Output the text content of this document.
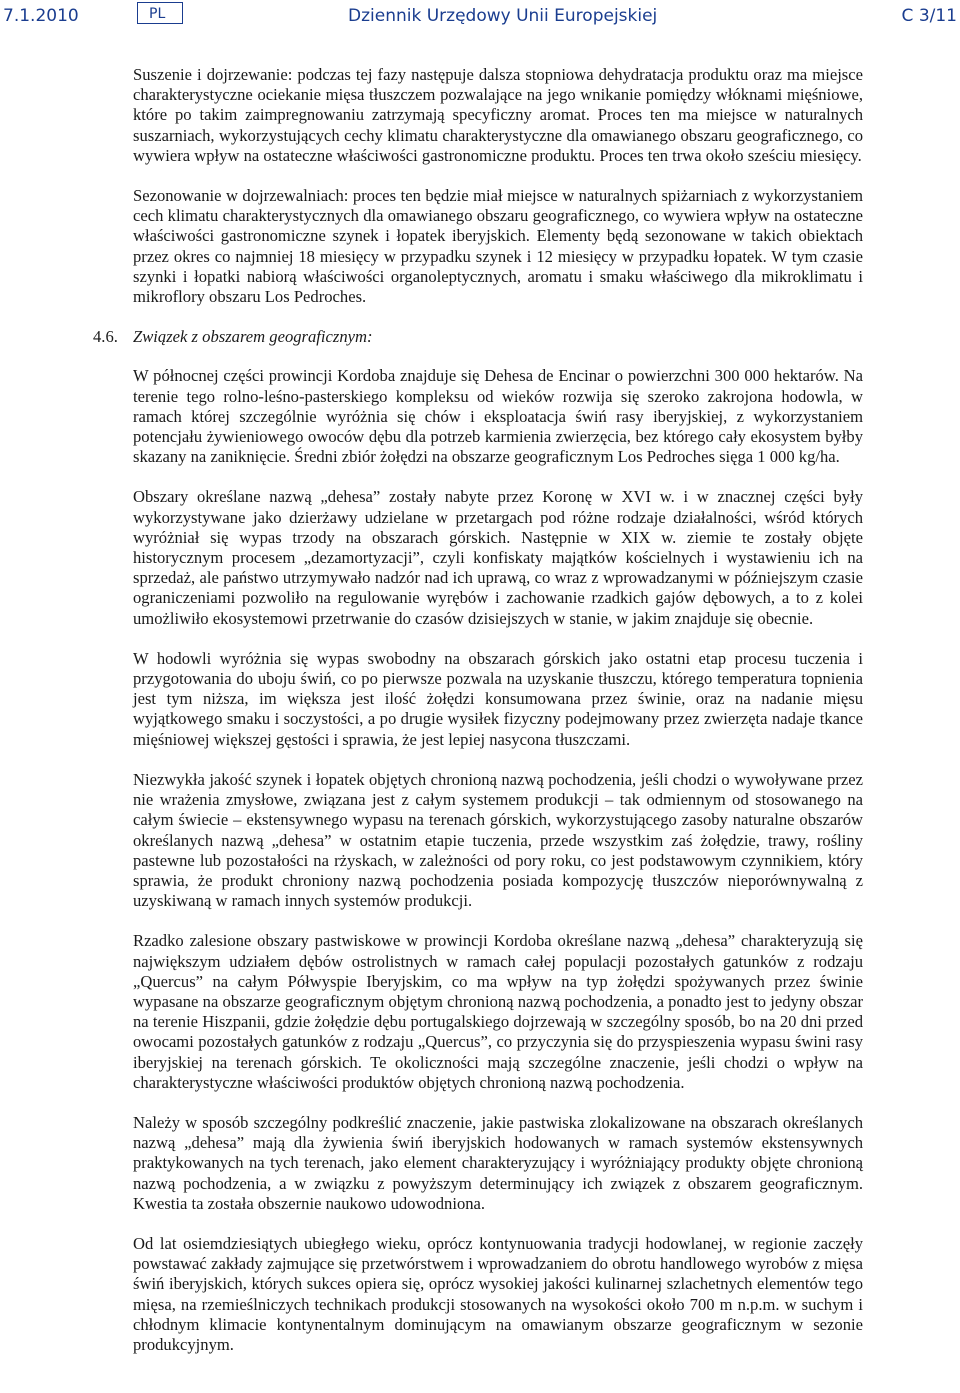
7.1.2010	PL	Dziennik Urzędowy Unii Europejskiej	C 3/11

Suszenie i dojrzewanie: podczas tej fazy następuje dalsza stopniowa dehydratacja produktu oraz ma miejsce charakterystyczne ociekanie mięsa tłuszczem pozwalające na jego wnikanie pomiędzy włóknami mięśniowe, które po takim zaimpregnowaniu zatrzymają specyficzny aromat. Proces ten ma miejsce w naturalnych suszarniach, wykorzystujących cechy klimatu charakterystyczne dla omawianego obszaru geograficznego, co wywiera wpływ na ostateczne właściwości gastronomiczne produktu. Proces ten trwa około sześciu miesięcy.

Sezonowanie w dojrzewalniach: proces ten będzie miał miejsce w naturalnych spiżarniach z wykorzystaniem cech klimatu charakterystycznych dla omawianego obszaru geograficznego, co wywiera wpływ na ostateczne właściwości gastronomiczne szynek i łopatek iberyjskich. Elementy będą sezonowane w takich obiektach przez okres co najmniej 18 miesięcy w przypadku szynek i 12 miesięcy w przypadku łopatek. W tym czasie szynki i łopatki nabiorą właściwości organoleptycznych, aromatu i smaku właściwego dla mikroklimatu i mikroflory obszaru Los Pedroches.

4.6. Związek z obszarem geograficznym:

W północnej części prowincji Kordoba znajduje się Dehesa de Encinar o powierzchni 300 000 hektarów. Na terenie tego rolno-leśno-pasterskiego kompleksu od wieków rozwija się szeroko zakrojona hodowla, w ramach której szczególnie wyróżnia się chów i eksploatacja świń rasy iberyjskiej, z wykorzystaniem potencjału żywieniowego owoców dębu dla potrzeb karmienia zwierzęcia, bez którego cały ekosystem byłby skazany na zaniknięcie. Średni zbiór żołędzi na obszarze geograficznym Los Pedroches sięga 1 000 kg/ha.

Obszary określane nazwą „dehesa” zostały nabyte przez Koronę w XVI w. i w znacznej części były wykorzystywane jako dzierżawy udzielane w przetargach pod różne rodzaje działalności, wśród których wyróżniał się wypas trzody na obszarach górskich. Następnie w XIX w. ziemie te zostały objęte historycznym procesem „dezamortyzacji”, czyli konfiskaty majątków kościelnych i wystawieniu ich na sprzedaż, ale państwo utrzymywało nadzór nad ich uprawą, co wraz z wprowadzanymi w późniejszym czasie ograniczeniami pozwoliło na regulowanie wyrębów i zachowanie rzadkich gajów dębowych, a to z kolei umożliwiło ekosystemowi przetrwanie do czasów dzisiejszych w stanie, w jakim znajduje się obecnie.

W hodowli wyróżnia się wypas swobodny na obszarach górskich jako ostatni etap procesu tuczenia i przygotowania do uboju świń, co po pierwsze pozwala na uzyskanie tłuszczu, którego temperatura topnienia jest tym niższa, im większa jest ilość żołędzi konsumowana przez świnie, oraz na nadanie mięsu wyjątkowego smaku i soczystości, a po drugie wysiłek fizyczny podejmowany przez zwierzęta nadaje tkance mięśniowej większej gęstości i sprawia, że jest lepiej nasycona tłuszczami.

Niezwykła jakość szynek i łopatek objętych chronioną nazwą pochodzenia, jeśli chodzi o wywoływane przez nie wrażenia zmysłowe, związana jest z całym systemem produkcji – tak odmiennym od stosowanego na całym świecie – ekstensywnego wypasu na terenach górskich, wykorzystującego zasoby naturalne obszarów określanych nazwą „dehesa” w ostatnim etapie tuczenia, przede wszystkim zaś żołędzie, trawy, rośliny pastewne lub pozostałości na rżyskach, w zależności od pory roku, co jest podstawowym czynnikiem, który sprawia, że produkt chroniony nazwą pochodzenia posiada kompozycję tłuszczów nieporównywalną z uzyskiwaną w ramach innych systemów produkcji.

Rzadko zalesione obszary pastwiskowe w prowincji Kordoba określane nazwą „dehesa” charakteryzują się największym udziałem dębów ostrolistnych w ramach całej populacji pozostałych gatunków z rodzaju „Quercus” na całym Półwyspie Iberyjskim, co ma wpływ na typ żołędzi spożywanych przez świnie wypasane na obszarze geograficznym objętym chronioną nazwą pochodzenia, a ponadto jest to jedyny obszar na terenie Hiszpanii, gdzie żołędzie dębu portugalskiego dojrzewają w szczególny sposób, bo na 20 dni przed owocami pozostałych gatunków z rodzaju „Quercus”, co przyczynia się do przyspieszenia wypasu świni rasy iberyjskiej na terenach górskich. Te okoliczności mają szczególne znaczenie, jeśli chodzi o wpływ na charakterystyczne właściwości produktów objętych chronioną nazwą pochodzenia.

Należy w sposób szczególny podkreślić znaczenie, jakie pastwiska zlokalizowane na obszarach określanych nazwą „dehesa” mają dla żywienia świń iberyjskich hodowanych w ramach systemów ekstensywnych praktykowanych na tych terenach, jako element charakteryzujący i wyróżniający produkty objęte chronioną nazwą pochodzenia, a w związku z powyższym determinujący ich związek z obszarem geograficznym. Kwestia ta została obszernie naukowo udowodniona.

Od lat osiemdziesiątych ubiegłego wieku, oprócz kontynuowania tradycji hodowlanej, w regionie zaczęły powstawać zakłady zajmujące się przetwórstwem i wprowadzaniem do obrotu handlowego wyrobów z mięsa świń iberyjskich, których sukces opiera się, oprócz wysokiej jakości kulinarnej szlachetnych elementów tego mięsa, na rzemieślniczych technikach produkcji stosowanych na wysokości około 700 m n.p.m. w suchym i chłodnym klimacie kontynentalnym dominującym na omawianym obszarze geograficznym w sezonie produkcyjnym.
